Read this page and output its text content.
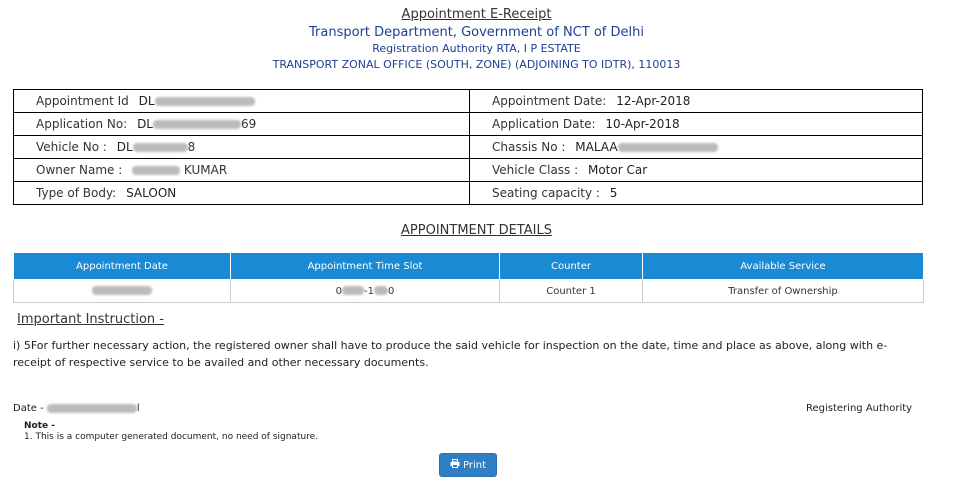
Appointment E-Receipt
Transport Department, Government of NCT of Delhi
Registration Authority RTA, I P ESTATE
TRANSPORT ZONAL OFFICE (SOUTH, ZONE) (ADJOINING TO IDTR), 110013
Appointment Id DL	Appointment Date: 12-Apr-2018
Application No: DL 69	Application Date: 10-Apr-2018
Vehicle No : DL 8	Chassis No : MALAA
Owner Name : KUMAR	Vehicle Class : Motor Car
Type of Body: SALOON	Seating capacity : 5
APPOINTMENT DETAILS
Appointment Date	Appointment Time Slot	Counter	Available Service
	0 -1 0	Counter 1	Transfer of Ownership
Important Instruction -
i) 5For further necessary action, the registered owner shall have to produce the said vehicle for inspection on the date, time and place as above, along with e-receipt of respective service to be availed and other necessary documents.
Date -	l	Registering Authority
Note -
1. This is a computer generated document, no need of signature.
Print
